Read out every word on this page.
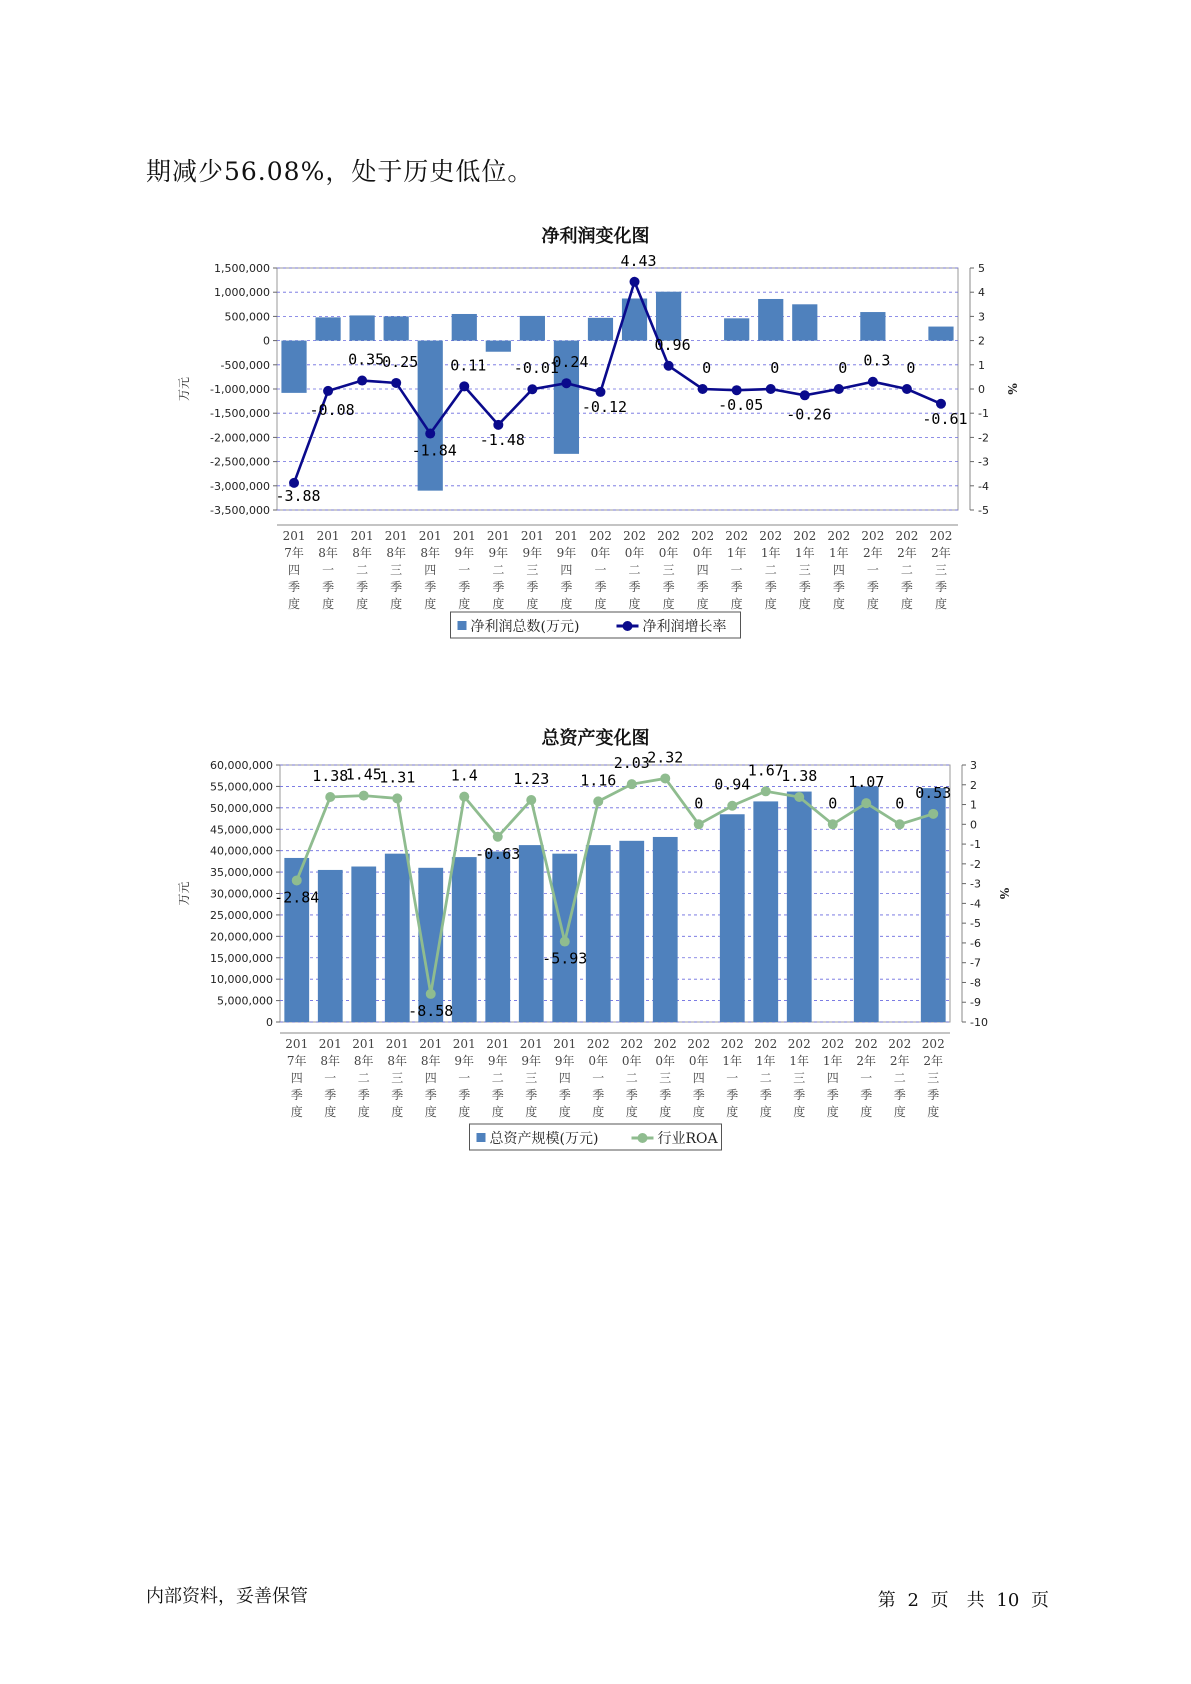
期减少56.08%，处于历史低位。

净利润变化图
1,500,000
1,000,000
500,000
0
-500,000
-1,000,000
-1,500,000
-2,000,000
-2,500,000
-3,000,000
-3,500,000
5
4
3
2
1
0
-1
-2
-3
-4
-5
万元	%
201 7年四季度
201 8年一季度
201 8年二季度
201 8年三季度
201 8年四季度
201 9年一季度
201 9年二季度
201 9年三季度
201 9年四季度
202 0年一季度
202 0年二季度
202 0年三季度
202 0年四季度
202 1年一季度
202 1年二季度
202 1年三季度
202 1年四季度
202 2年一季度
202 2年二季度
202 2年三季度
-3.88
-0.08
0.35
0.25
-1.84
0.11
-1.48
-0.01
0.24
-0.12
4.43
0.96
0
-0.05
0
-0.26
0 0.3 0
-0.61
净利润总数(万元)	净利润增长率
总资产变化图
60,000,000
55,000,000
50,000,000
45,000,000
40,000,000
35,000,000
30,000,000
25,000,000
20,000,000
15,000,000
10,000,000
5,000,000
0
3
2
1
0
-1
-2
-3
-4
-5
-6
-7
-8
-9
-10
万元	%
201 7年四季度
201 8年一季度
201 8年二季度
201 8年三季度
201 8年四季度
201 9年一季度
201 9年二季度
201 9年三季度
201 9年四季度
202 0年一季度
202 0年二季度
202 0年三季度
202 0年四季度
202 1年一季度
202 1年二季度
202 1年三季度
202 1年四季度
202 2年一季度
202 2年二季度
202 2年三季度
-2.84
1.38
1.45
1.31
-8.58
1.4
-0.63
1.23
-5.93
1.16
2.03
2.32
0
0.94
1.67
1.38
0
1.07
0
0.53
总资产规模(万元)	行业ROA

内部资料，妥善保管	第 2 页　共 10 页
